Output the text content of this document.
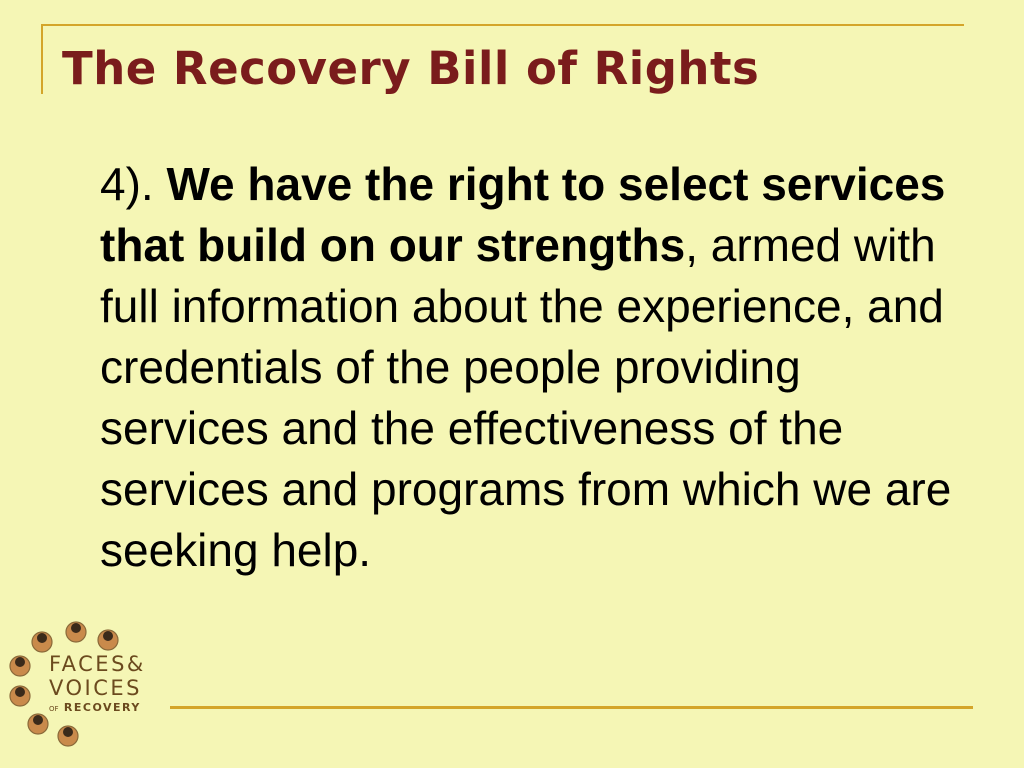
The Recovery Bill of Rights

4). We have the right to select services that build on our strengths, armed with full information about the experience, and credentials of the people providing services and the effectiveness of the services and programs from which we are seeking help.

FACES&
VOICES
OF RECOVERY
